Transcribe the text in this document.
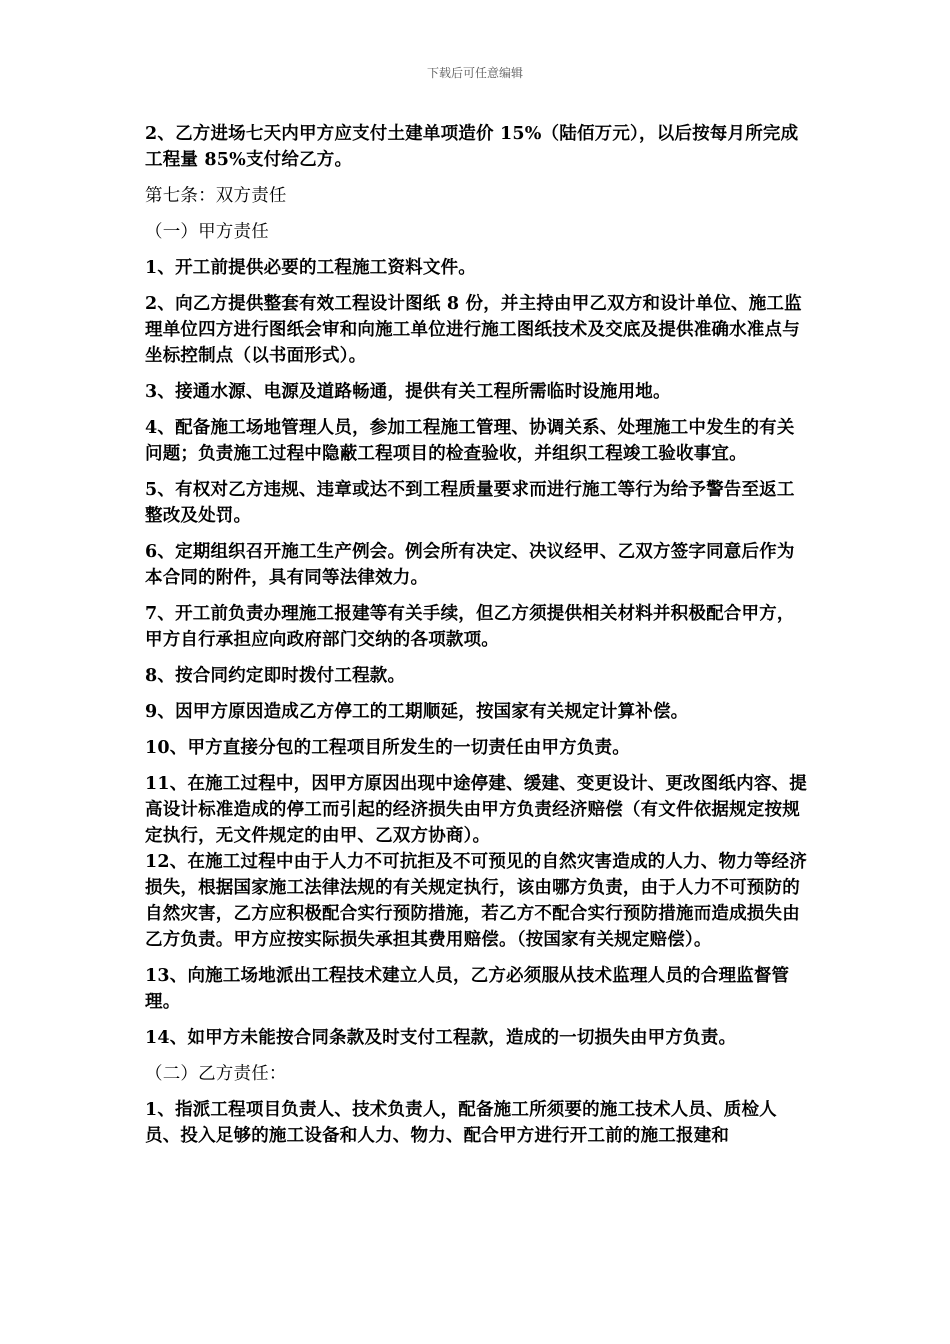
下载后可任意编辑

2、乙方进场七天内甲方应支付土建单项造价 15%（陆佰万元），以后按每月所完成工程量 85%支付给乙方。

第七条：双方责任

（一）甲方责任

1、开工前提供必要的工程施工资料文件。

2、向乙方提供整套有效工程设计图纸 8 份，并主持由甲乙双方和设计单位、施工监理单位四方进行图纸会审和向施工单位进行施工图纸技术及交底及提供准确水准点与坐标控制点（以书面形式）。

3、接通水源、电源及道路畅通，提供有关工程所需临时设施用地。

4、配备施工场地管理人员，参加工程施工管理、协调关系、处理施工中发生的有关问题；负责施工过程中隐蔽工程项目的检查验收，并组织工程竣工验收事宜。

5、有权对乙方违规、违章或达不到工程质量要求而进行施工等行为给予警告至返工整改及处罚。

6、定期组织召开施工生产例会。例会所有决定、决议经甲、乙双方签字同意后作为本合同的附件，具有同等法律效力。

7、开工前负责办理施工报建等有关手续，但乙方须提供相关材料并积极配合甲方，甲方自行承担应向政府部门交纳的各项款项。

8、按合同约定即时拨付工程款。

9、因甲方原因造成乙方停工的工期顺延，按国家有关规定计算补偿。

10、甲方直接分包的工程项目所发生的一切责任由甲方负责。

11、在施工过程中，因甲方原因出现中途停建、缓建、变更设计、更改图纸内容、提高设计标准造成的停工而引起的经济损失由甲方负责经济赔偿（有文件依据规定按规定执行，无文件规定的由甲、乙双方协商）。

12、在施工过程中由于人力不可抗拒及不可预见的自然灾害造成的人力、物力等经济损失，根据国家施工法律法规的有关规定执行，该由哪方负责，由于人力不可预防的自然灾害，乙方应积极配合实行预防措施，若乙方不配合实行预防措施而造成损失由乙方负责。甲方应按实际损失承担其费用赔偿。（按国家有关规定赔偿）。

13、向施工场地派出工程技术建立人员，乙方必须服从技术监理人员的合理监督管理。

14、如甲方未能按合同条款及时支付工程款，造成的一切损失由甲方负责。

（二）乙方责任：

1、指派工程项目负责人、技术负责人，配备施工所须要的施工技术人员、质检人员、投入足够的施工设备和人力、物力、配合甲方进行开工前的施工报建和
